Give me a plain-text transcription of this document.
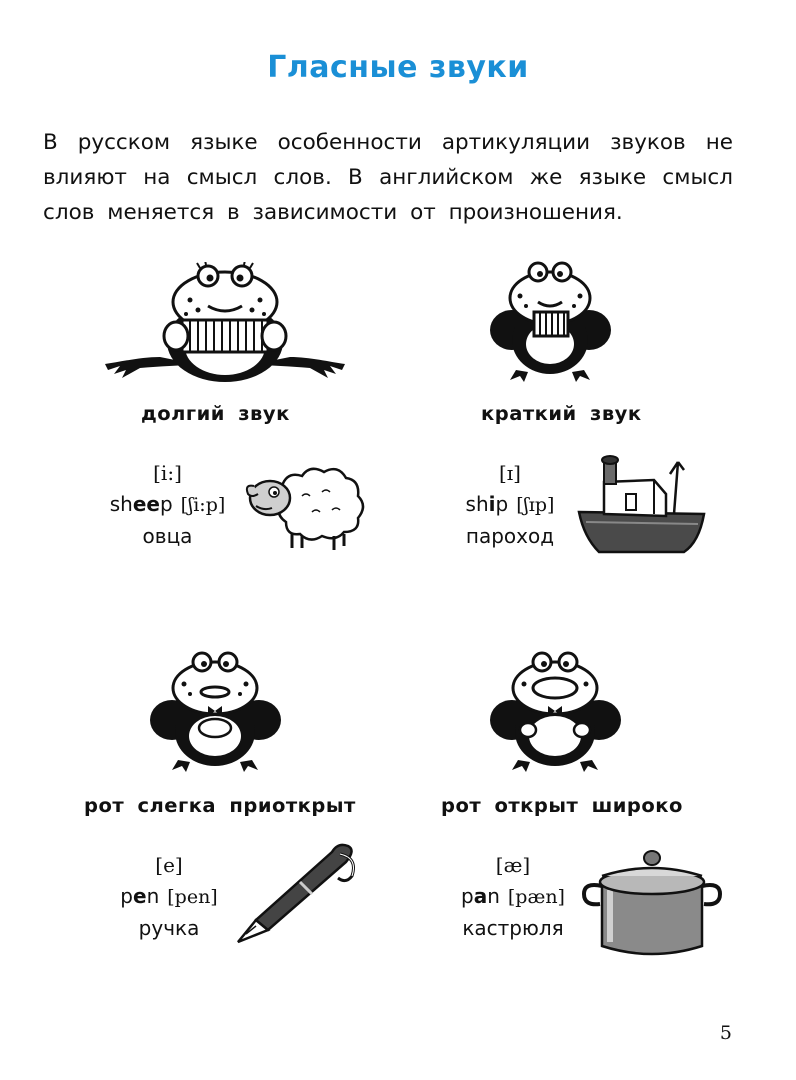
Гласные звуки
В русском языке особенности артикуляции звуков не влияют на смысл слов. В английском же языке смысл слов меняется в зависимости от произношения.
долгий звук	краткий звук
рот слегка приоткрыт	рот открыт широко
[i:]
sheep [ʃi:p]
овца
[ɪ]
ship [ʃɪp]
пароход
[e]
pen [pen]
ручка
[æ]
pan [pæn]
кастрюля
5
